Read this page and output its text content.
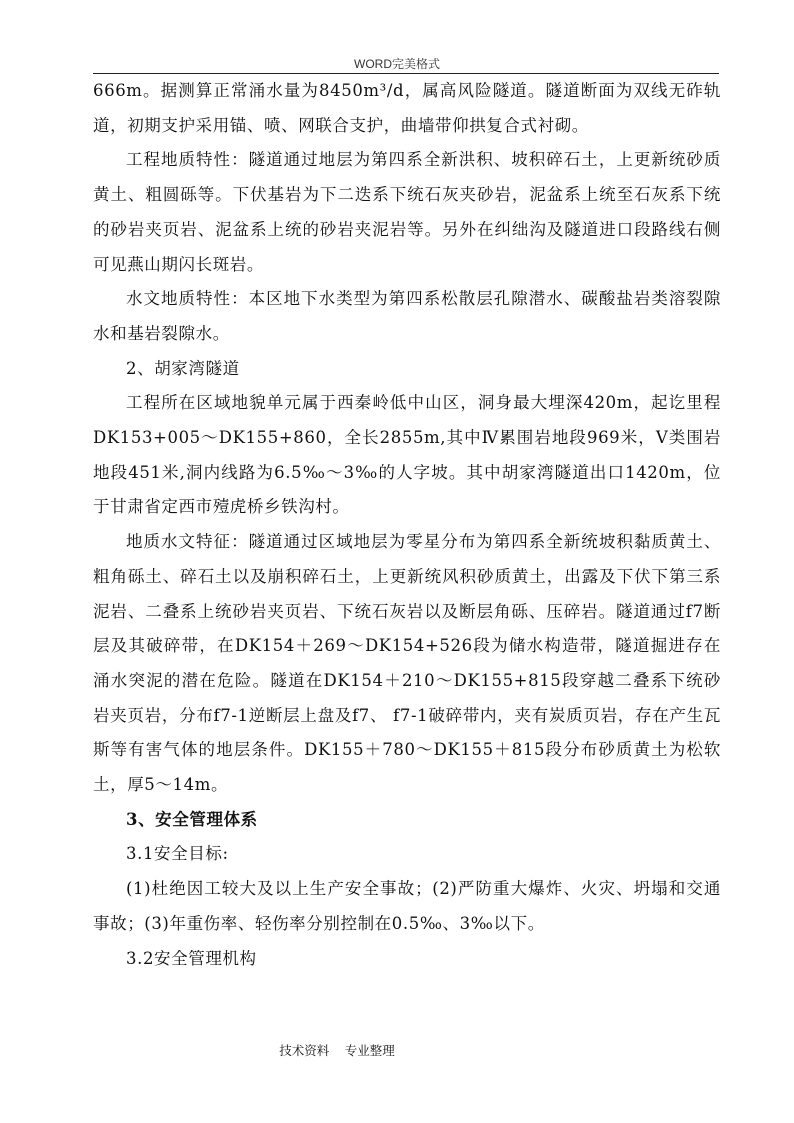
WORD完美格式

666m。据测算正常涌水量为8450m³/d，属高风险隧道。隧道断面为双线无砟轨道，初期支护采用锚、喷、网联合支护，曲墙带仰拱复合式衬砌。

工程地质特性：隧道通过地层为第四系全新洪积、坡积碎石土，上更新统砂质黄土、粗圆砾等。下伏基岩为下二迭系下统石灰夹砂岩，泥盆系上统至石灰系下统的砂岩夹页岩、泥盆系上统的砂岩夹泥岩等。另外在纠绌沟及隧道进口段路线右侧可见燕山期闪长斑岩。

水文地质特性：本区地下水类型为第四系松散层孔隙潜水、碳酸盐岩类溶裂隙水和基岩裂隙水。

2、胡家湾隧道

工程所在区域地貌单元属于西秦岭低中山区，洞身最大埋深420m，起讫里程DK153+005～DK155+860，全长2855m,其中Ⅳ累围岩地段969米，Ⅴ类围岩地段451米,洞内线路为6.5‰～3‰的人字坡。其中胡家湾隧道出口1420m，位于甘肃省定西市殪虎桥乡铁沟村。

地质水文特征：隧道通过区域地层为零星分布为第四系全新统坡积黏质黄土、粗角砾土、碎石土以及崩积碎石土，上更新统风积砂质黄土，出露及下伏下第三系泥岩、二叠系上统砂岩夹页岩、下统石灰岩以及断层角砾、压碎岩。隧道通过f7断层及其破碎带，在DK154＋269～DK154+526段为储水构造带，隧道掘进存在涌水突泥的潜在危险。隧道在DK154＋210～DK155+815段穿越二叠系下统砂岩夹页岩，分布f7-1逆断层上盘及f7、 f7-1破碎带内，夹有炭质页岩，存在产生瓦斯等有害气体的地层条件。DK155＋780～DK155＋815段分布砂质黄土为松软土，厚5～14m。

3、安全管理体系

3.1安全目标:

(1)杜绝因工较大及以上生产安全事故；(2)严防重大爆炸、火灾、坍塌和交通事故；(3)年重伤率、轻伤率分别控制在0.5‰、3‰以下。

3.2安全管理机构

技术资料 专业整理
